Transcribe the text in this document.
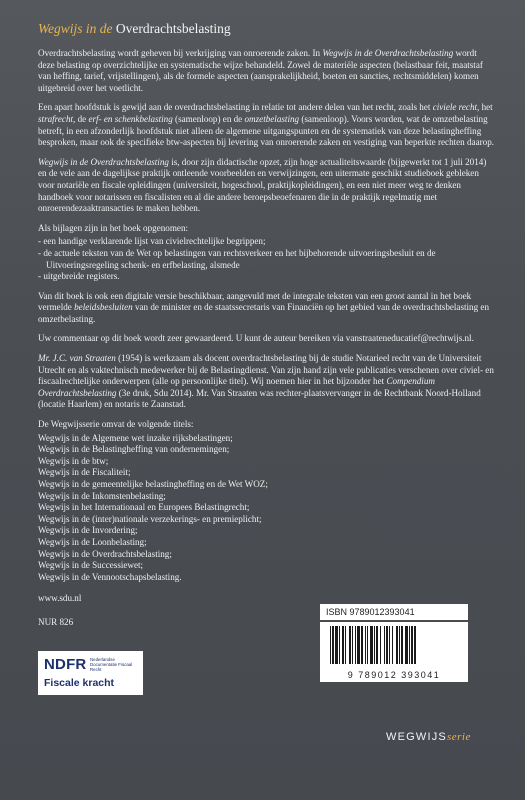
Wegwijs in de Overdrachtsbelasting

Overdrachtsbelasting wordt geheven bij verkrijging van onroerende zaken. In Wegwijs in de Overdrachtsbelasting wordt deze belasting op overzichtelijke en systematische wijze behandeld. Zowel de materiële aspecten (belastbaar feit, maatstaf van heffing, tarief, vrijstellingen), als de formele aspecten (aansprakelijkheid, boeten en sancties, rechtsmiddelen) komen uitgebreid over het voetlicht.

Een apart hoofdstuk is gewijd aan de overdrachtsbelasting in relatie tot andere delen van het recht, zoals het civiele recht, het strafrecht, de erf- en schenkbelasting (samenloop) en de omzetbelasting (samenloop). Voors worden, wat de omzetbelasting betreft, in een afzonderlijk hoofdstuk niet alleen de algemene uitgangspunten en de systematiek van deze belastingheffing besproken, maar ook de specifieke btw-aspecten bij levering van onroerende zaken en vestiging van beperkte rechten daarop.

Wegwijs in de Overdrachtsbelasting is, door zijn didactische opzet, zijn hoge actualiteitswaarde (bijgewerkt tot 1 juli 2014) en de vele aan de dagelijkse praktijk ontleende voorbeelden en verwijzingen, een uitermate geschikt studieboek gebleken voor notariële en fiscale opleidingen (universiteit, hogeschool, praktijkopleidingen), en een niet meer weg te denken handboek voor notarissen en fiscalisten en al die andere beroepsbeoefenaren die in de praktijk regelmatig met onroerendezaaktransacties te maken hebben.

Als bijlagen zijn in het boek opgenomen:

- een handige verklarende lijst van civielrechtelijke begrippen;
- de actuele teksten van de Wet op belastingen van rechtsverkeer en het bijbehorende uitvoeringsbesluit en de Uitvoeringsregeling schenk- en erfbelasting, alsmede
- uitgebreide registers.

Van dit boek is ook een digitale versie beschikbaar, aangevuld met de integrale teksten van een groot aantal in het boek vermelde beleidsbesluiten van de minister en de staatssecretaris van Financiën op het gebied van de overdrachtsbelasting en omzetbelasting.

Uw commentaar op dit boek wordt zeer gewaardeerd. U kunt de auteur bereiken via vanstraateneducatief@rechtwijs.nl.

Mr. J.C. van Straaten (1954) is werkzaam als docent overdrachtsbelasting bij de studie Notarieel recht van de Universiteit Utrecht en als vaktechnisch medewerker bij de Belastingdienst. Van zijn hand zijn vele publicaties verschenen over civiel- en fiscaalrechtelijke onderwerpen (alle op persoonlijke titel). Wij noemen hier in het bijzonder het Compendium Overdrachtsbelasting (3e druk, Sdu 2014). Mr. Van Straaten was rechter-plaatsvervanger in de Rechtbank Noord-Holland (locatie Haarlem) en notaris te Zaanstad.

De Wegwijsserie omvat de volgende titels:

Wegwijs in de Algemene wet inzake rijksbelastingen;
Wegwijs in de Belastingheffing van ondernemingen;
Wegwijs in de btw;
Wegwijs in de Fiscaliteit;
Wegwijs in de gemeentelijke belastingheffing en de Wet WOZ;
Wegwijs in de Inkomstenbelasting;
Wegwijs in het Internationaal en Europees Belastingrecht;
Wegwijs in de (inter)nationale verzekerings- en premieplicht;
Wegwijs in de Invordering;
Wegwijs in de Loonbelasting;
Wegwijs in de Overdrachtsbelasting;
Wegwijs in de Successiewet;
Wegwijs in de Vennootschapsbelasting.
www.sdu.nl
NUR 826
ISBN 9789012393041
9 789012 393041
NDFR Nederlandse Documentatie Fiscaal Recht
Fiscale kracht
WEGWIJSserie
